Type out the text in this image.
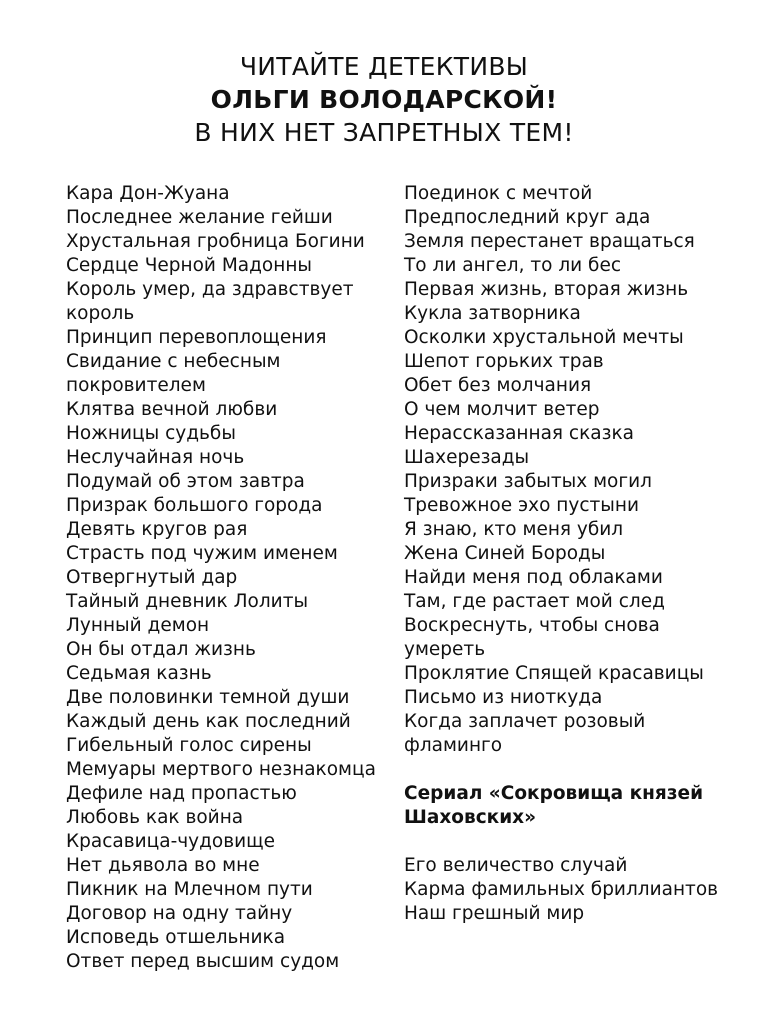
ЧИТАЙТЕ ДЕТЕКТИВЫ
ОЛЬГИ ВОЛОДАРСКОЙ!
В НИХ НЕТ ЗАПРЕТНЫХ ТЕМ!
Кара Дон-Жуана
Последнее желание гейши
Хрустальная гробница Богини
Сердце Черной Мадонны
Король умер, да здравствует
король
Принцип перевоплощения
Свидание с небесным
покровителем
Клятва вечной любви
Ножницы судьбы
Неслучайная ночь
Подумай об этом завтра
Призрак большого города
Девять кругов рая
Страсть под чужим именем
Отвергнутый дар
Тайный дневник Лолиты
Лунный демон
Он бы отдал жизнь
Седьмая казнь
Две половинки темной души
Каждый день как последний
Гибельный голос сирены
Мемуары мертвого незнакомца
Дефиле над пропастью
Любовь как война
Красавица-чудовище
Нет дьявола во мне
Пикник на Млечном пути
Договор на одну тайну
Исповедь отшельника
Ответ перед высшим судом
Поединок с мечтой
Предпоследний круг ада
Земля перестанет вращаться
То ли ангел, то ли бес
Первая жизнь, вторая жизнь
Кукла затворника
Осколки хрустальной мечты
Шепот горьких трав
Обет без молчания
О чем молчит ветер
Нерассказанная сказка
Шахерезады
Призраки забытых могил
Тревожное эхо пустыни
Я знаю, кто меня убил
Жена Синей Бороды
Найди меня под облаками
Там, где растает мой след
Воскреснуть, чтобы снова
умереть
Проклятие Спящей красавицы
Письмо из ниоткуда
Когда заплачет розовый
фламинго
Сериал «Сокровища князей
Шаховских»
Его величество случай
Карма фамильных бриллиантов
Наш грешный мир
